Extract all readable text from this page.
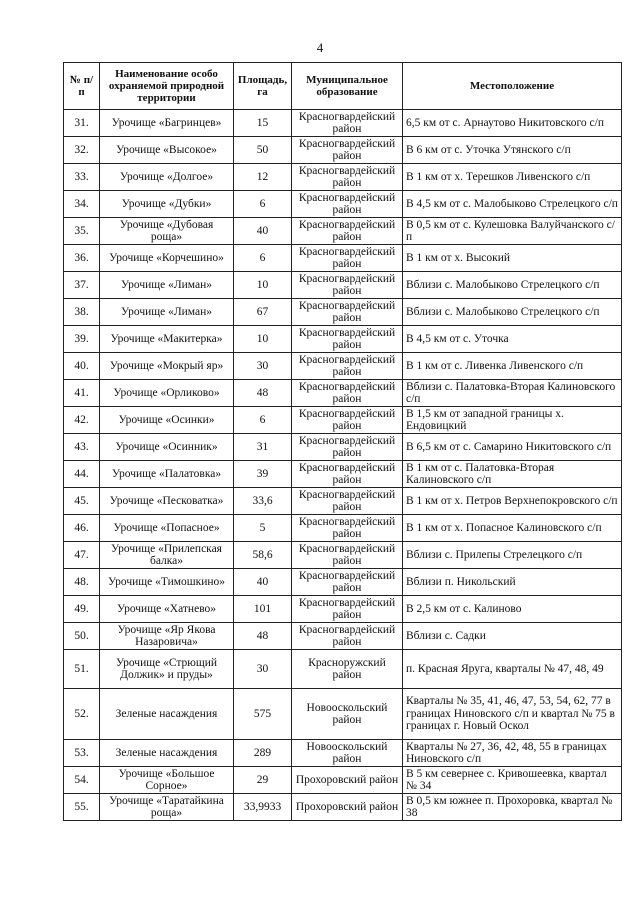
4
№ п/п	Наименование особо охраняемой природной территории	Площадь, га	Муниципальное образование	Местоположение
31.	Урочище «Багринцев»	15	Красногвардейский район	6,5 км от с. Арнаутово Никитовского с/п
32.	Урочище «Высокое»	50	Красногвардейский район	В 6 км от с. Уточка Утянского с/п
33.	Урочище «Долгое»	12	Красногвардейский район	В 1 км от х. Терешков Ливенского с/п
34.	Урочище «Дубки»	6	Красногвардейский район	В 4,5 км от с. Малобыково Стрелецкого с/п
35.	Урочище «Дубовая роща»	40	Красногвардейский район	В 0,5 км от с. Кулешовка Валуйчанского с/п
36.	Урочище «Корчешино»	6	Красногвардейский район	В 1 км от х. Высокий
37.	Урочище «Лиман»	10	Красногвардейский район	Вблизи с. Малобыково Стрелецкого с/п
38.	Урочище «Лиман»	67	Красногвардейский район	Вблизи с. Малобыково Стрелецкого с/п
39.	Урочище «Макитерка»	10	Красногвардейский район	В 4,5 км от с. Уточка
40.	Урочище «Мокрый яр»	30	Красногвардейский район	В 1 км от с. Ливенка Ливенского с/п
41.	Урочище «Орликово»	48	Красногвардейский район	Вблизи с. Палатовка-Вторая Калиновского с/п
42.	Урочище «Осинки»	6	Красногвардейский район	В 1,5 км от западной границы х. Ендовицкий
43.	Урочище «Осинник»	31	Красногвардейский район	В 6,5 км от с. Самарино Никитовского с/п
44.	Урочище «Палатовка»	39	Красногвардейский район	В 1 км от с. Палатовка-Вторая Калиновского с/п
45.	Урочище «Песковатка»	33,6	Красногвардейский район	В 1 км от х. Петров Верхнепокровского с/п
46.	Урочище «Попасное»	5	Красногвардейский район	В 1 км от х. Попасное Калиновского с/п
47.	Урочище «Прилепская балка»	58,6	Красногвардейский район	Вблизи с. Прилепы Стрелецкого с/п
48.	Урочище «Тимошкино»	40	Красногвардейский район	Вблизи п. Никольский
49.	Урочище «Хатнево»	101	Красногвардейский район	В 2,5 км от с. Калиново
50.	Урочище «Яр Якова Назаровича»	48	Красногвардейский район	Вблизи с. Садки
51.	Урочище «Стрющий Должик» и пруды»	30	Красноружский район	п. Красная Яруга, кварталы № 47, 48, 49
52.	Зеленые насаждения	575	Новооскольский район	Кварталы № 35, 41, 46, 47, 53, 54, 62, 77 в границах Ниновского с/п и квартал № 75 в границах г. Новый Оскол
53.	Зеленые насаждения	289	Новооскольский район	Кварталы № 27, 36, 42, 48, 55 в границах Ниновского с/п
54.	Урочище «Большое Сорное»	29	Прохоровский район	В 5 км севернее с. Кривошеевка, квартал № 34
55.	Урочище «Таратайкина роща»	33,9933	Прохоровский район	В 0,5 км южнее п. Прохоровка, квартал № 38
